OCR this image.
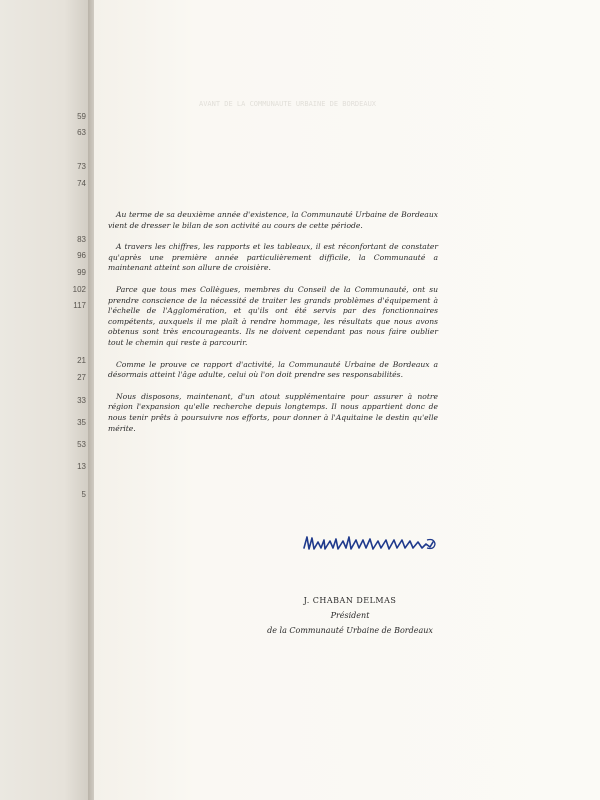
59
63
73
74
83
96
99
102
117
21
27
33
35
53
13
5
AVANT DE LA COMMUNAUTE URBAINE DE BORDEAUX

Au terme de sa deuxième année d'existence, la Communauté Urbaine de Bordeaux vient de dresser le bilan de son activité au cours de cette période.

A travers les chiffres, les rapports et les tableaux, il est réconfortant de constater qu'après une première année particulièrement difficile, la Communauté a maintenant atteint son allure de croisière.

Parce que tous mes Collègues, membres du Conseil de la Communauté, ont su prendre conscience de la nécessité de traiter les grands problèmes d'équipement à l'échelle de l'Agglomération, et qu'ils ont été servis par des fonctionnaires compétents, auxquels il me plaît à rendre hommage, les résultats que nous avons obtenus sont très encourageants. Ils ne doivent cependant pas nous faire oublier tout le chemin qui reste à parcourir.

Comme le prouve ce rapport d'activité, la Communauté Urbaine de Bordeaux a désormais atteint l'âge adulte, celui où l'on doit prendre ses responsabilités.

Nous disposons, maintenant, d'un atout supplémentaire pour assurer à notre région l'expansion qu'elle recherche depuis longtemps. Il nous appartient donc de nous tenir prêts à poursuivre nos efforts, pour donner à l'Aquitaine le destin qu'elle mérite.

J. CHABAN DELMAS
Président
de la Communauté Urbaine de Bordeaux
